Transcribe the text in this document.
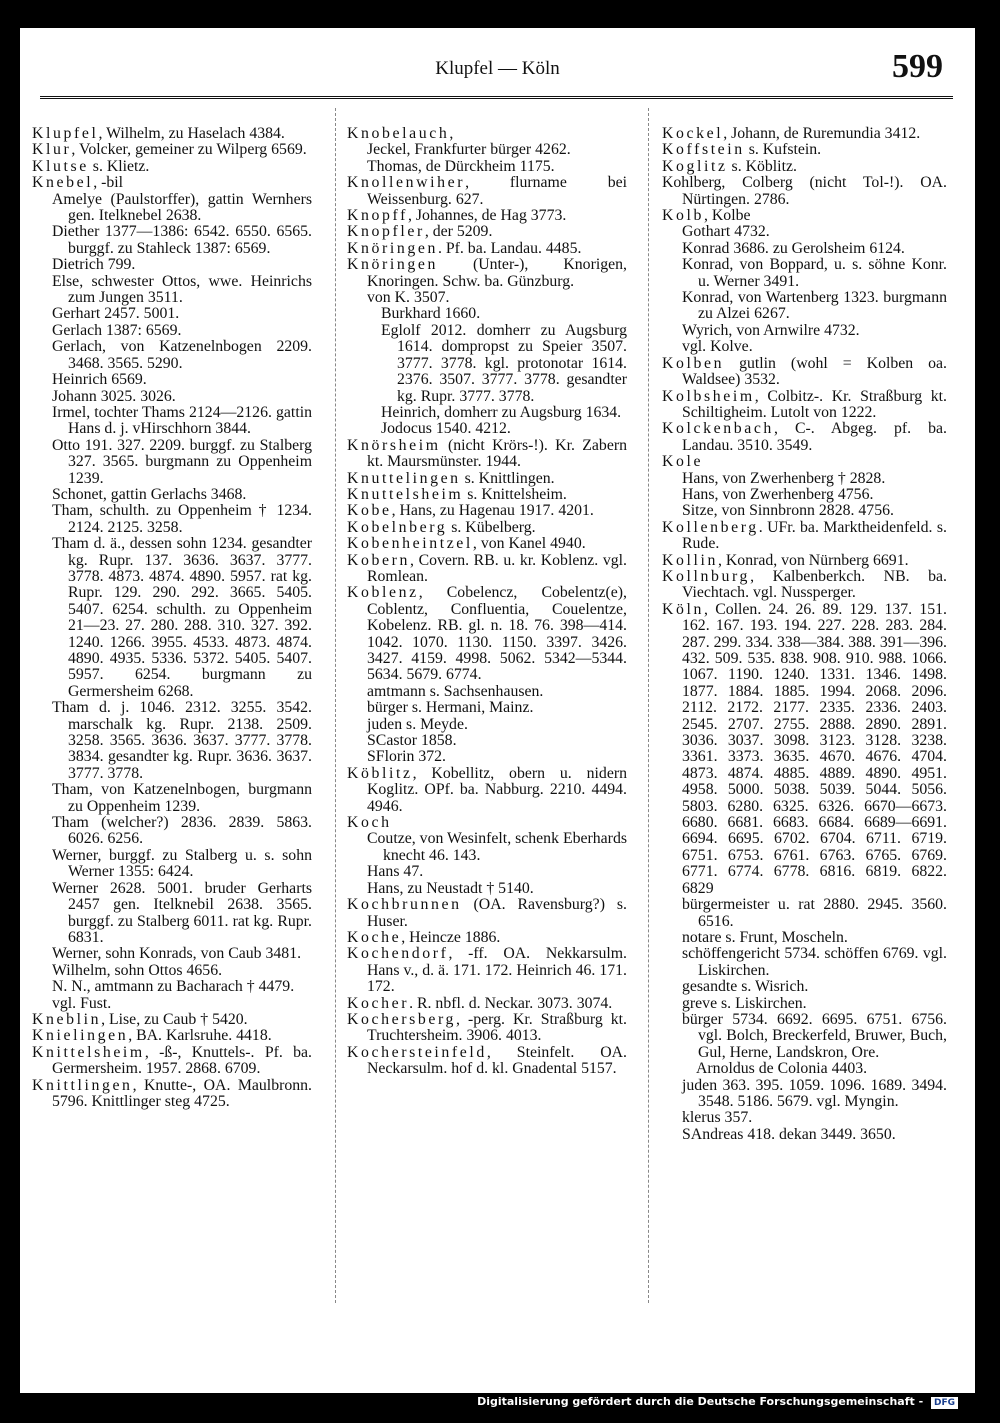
Klupfel — Köln	599
Klupfel, Wilhelm, zu Haselach 4384.
Klur, Volcker, gemeiner zu Wilperg 6569.
Klutse s. Klietz.
Knebel, -bil
Amelye (Paulstorffer), gattin Wernhers gen. Itelknebel 2638.
Diether 1377—1386: 6542. 6550. 6565. burggf. zu Stahleck 1387: 6569.
Dietrich 799.
Else, schwester Ottos, wwe. Heinrichs zum Jungen 3511.
Gerhart 2457. 5001.
Gerlach 1387: 6569.
Gerlach, von Katzenelnbogen 2209. 3468. 3565. 5290.
Heinrich 6569.
Johann 3025. 3026.
Irmel, tochter Thams 2124—2126. gattin Hans d. j. vHirschhorn 3844.
Otto 191. 327. 2209. burggf. zu Stalberg 327. 3565. burgmann zu Oppenheim 1239.
Schonet, gattin Gerlachs 3468.
Tham, schulth. zu Oppenheim † 1234. 2124. 2125. 3258.
Tham d. ä., dessen sohn 1234. gesandter kg. Rupr. 137. 3636. 3637. 3777. 3778. 4873. 4874. 4890. 5957. rat kg. Rupr. 129. 290. 292. 3665. 5405. 5407. 6254. schulth. zu Oppenheim 21—23. 27. 280. 288. 310. 327. 392. 1240. 1266. 3955. 4533. 4873. 4874. 4890. 4935. 5336. 5372. 5405. 5407. 5957. 6254. burgmann zu Germersheim 6268.
Tham d. j. 1046. 2312. 3255. 3542. marschalk kg. Rupr. 2138. 2509. 3258. 3565. 3636. 3637. 3777. 3778. 3834. gesandter kg. Rupr. 3636. 3637. 3777. 3778.
Tham, von Katzenelnbogen, burgmann zu Oppenheim 1239.
Tham (welcher?) 2836. 2839. 5863. 6026. 6256.
Werner, burggf. zu Stalberg u. s. sohn Werner 1355: 6424.
Werner 2628. 5001. bruder Gerharts 2457 gen. Itelknebil 2638. 3565. burggf. zu Stalberg 6011. rat kg. Rupr. 6831.
Werner, sohn Konrads, von Caub 3481.
Wilhelm, sohn Ottos 4656.
N. N., amtmann zu Bacharach † 4479.
vgl. Fust.
Kneblin, Lise, zu Caub † 5420.
Knielingen, BA. Karlsruhe. 4418.
Knittelsheim, -ß-, Knuttels-. Pf. ba. Germersheim. 1957. 2868. 6709.
Knittlingen, Knutte-, OA. Maulbronn. 5796. Knittlinger steg 4725.
Knobelauch,
Jeckel, Frankfurter bürger 4262.
Thomas, de Dürckheim 1175.
Knollenwiher, flurname bei Weissenburg. 627.
Knopff, Johannes, de Hag 3773.
Knopfler, der 5209.
Knöringen. Pf. ba. Landau. 4485.
Knöringen (Unter-), Knorigen, Knoringen. Schw. ba. Günzburg.
von K. 3507.
Burkhard 1660.
Eglolf 2012. domherr zu Augsburg 1614. dompropst zu Speier 3507. 3777. 3778. kgl. protonotar 1614. 2376. 3507. 3777. 3778. gesandter kg. Rupr. 3777. 3778.
Heinrich, domherr zu Augsburg 1634.
Jodocus 1540. 4212.
Knörsheim (nicht Krörs-!). Kr. Zabern kt. Maursmünster. 1944.
Knuttelingen s. Knittlingen.
Knuttelsheim s. Knittelsheim.
Kobe, Hans, zu Hagenau 1917. 4201.
Kobelnberg s. Kübelberg.
Kobenheintzel, von Kanel 4940.
Kobern, Covern. RB. u. kr. Koblenz. vgl. Romlean.
Koblenz, Cobelencz, Cobelentz(e), Coblentz, Confluentia, Couelentze, Kobelenz. RB. gl. n. 18. 76. 398—414. 1042. 1070. 1130. 1150. 3397. 3426. 3427. 4159. 4998. 5062. 5342—5344. 5634. 5679. 6774.
amtmann s. Sachsenhausen.
bürger s. Hermani, Mainz.
juden s. Meyde.
SCastor 1858.
SFlorin 372.
Köblitz, Kobellitz, obern u. nidern Koglitz. OPf. ba. Nabburg. 2210. 4494. 4946.
Koch
Coutze, von Wesinfelt, schenk Eberhards knecht 46. 143.
Hans 47.
Hans, zu Neustadt † 5140.
Kochbrunnen (OA. Ravensburg?) s. Huser.
Koche, Heincze 1886.
Kochendorf, -ff. OA. Nekkarsulm. Hans v., d. ä. 171. 172. Heinrich 46. 171. 172.
Kocher. R. nbfl. d. Neckar. 3073. 3074.
Kochersberg, -perg. Kr. Straßburg kt. Truchtersheim. 3906. 4013.
Kochersteinfeld, Steinfelt. OA. Neckarsulm. hof d. kl. Gnadental 5157.
Kockel, Johann, de Ruremundia 3412.
Koffstein s. Kufstein.
Koglitz s. Köblitz.
Kohlberg, Colberg (nicht Tol-!). OA. Nürtingen. 2786.
Kolb, Kolbe
Gothart 4732.
Konrad 3686. zu Gerolsheim 6124.
Konrad, von Boppard, u. s. söhne Konr. u. Werner 3491.
Konrad, von Wartenberg 1323. burgmann zu Alzei 6267.
Wyrich, von Arnwilre 4732.
vgl. Kolve.
Kolben gutlin (wohl = Kolben oa. Waldsee) 3532.
Kolbsheim, Colbitz-. Kr. Straßburg kt. Schiltigheim. Lutolt von 1222.
Kolckenbach, C-. Abgeg. pf. ba. Landau. 3510. 3549.
Kole
Hans, von Zwerhenberg † 2828.
Hans, von Zwerhenberg 4756.
Sitze, von Sinnbronn 2828. 4756.
Kollenberg. UFr. ba. Marktheidenfeld. s. Rude.
Kollin, Konrad, von Nürnberg 6691.
Kollnburg, Kalbenberkch. NB. ba. Viechtach. vgl. Nussperger.
Köln, Collen. 24. 26. 89. 129. 137. 151. 162. 167. 193. 194. 227. 228. 283. 284. 287. 299. 334. 338—384. 388. 391—396. 432. 509. 535. 838. 908. 910. 988. 1066. 1067. 1190. 1240. 1331. 1346. 1498. 1877. 1884. 1885. 1994. 2068. 2096. 2112. 2172. 2177. 2335. 2336. 2403. 2545. 2707. 2755. 2888. 2890. 2891. 3036. 3037. 3098. 3123. 3128. 3238. 3361. 3373. 3635. 4670. 4676. 4704. 4873. 4874. 4885. 4889. 4890. 4951. 4958. 5000. 5038. 5039. 5044. 5056. 5803. 6280. 6325. 6326. 6670—6673. 6680. 6681. 6683. 6684. 6689—6691. 6694. 6695. 6702. 6704. 6711. 6719. 6751. 6753. 6761. 6763. 6765. 6769. 6771. 6774. 6778. 6816. 6819. 6822. 6829
bürgermeister u. rat 2880. 2945. 3560. 6516.
notare s. Frunt, Moscheln.
schöffengericht 5734. schöffen 6769. vgl. Liskirchen.
gesandte s. Wisrich.
greve s. Liskirchen.
bürger 5734. 6692. 6695. 6751. 6756. vgl. Bolch, Breckerfeld, Bruwer, Buch, Gul, Herne, Landskron, Ore.
Arnoldus de Colonia 4403.
juden 363. 395. 1059. 1096. 1689. 3494. 3548. 5186. 5679. vgl. Myngin.
klerus 357.
SAndreas 418. dekan 3449. 3650.
Digitalisierung gefördert durch die Deutsche Forschungsgemeinschaft - DFG
